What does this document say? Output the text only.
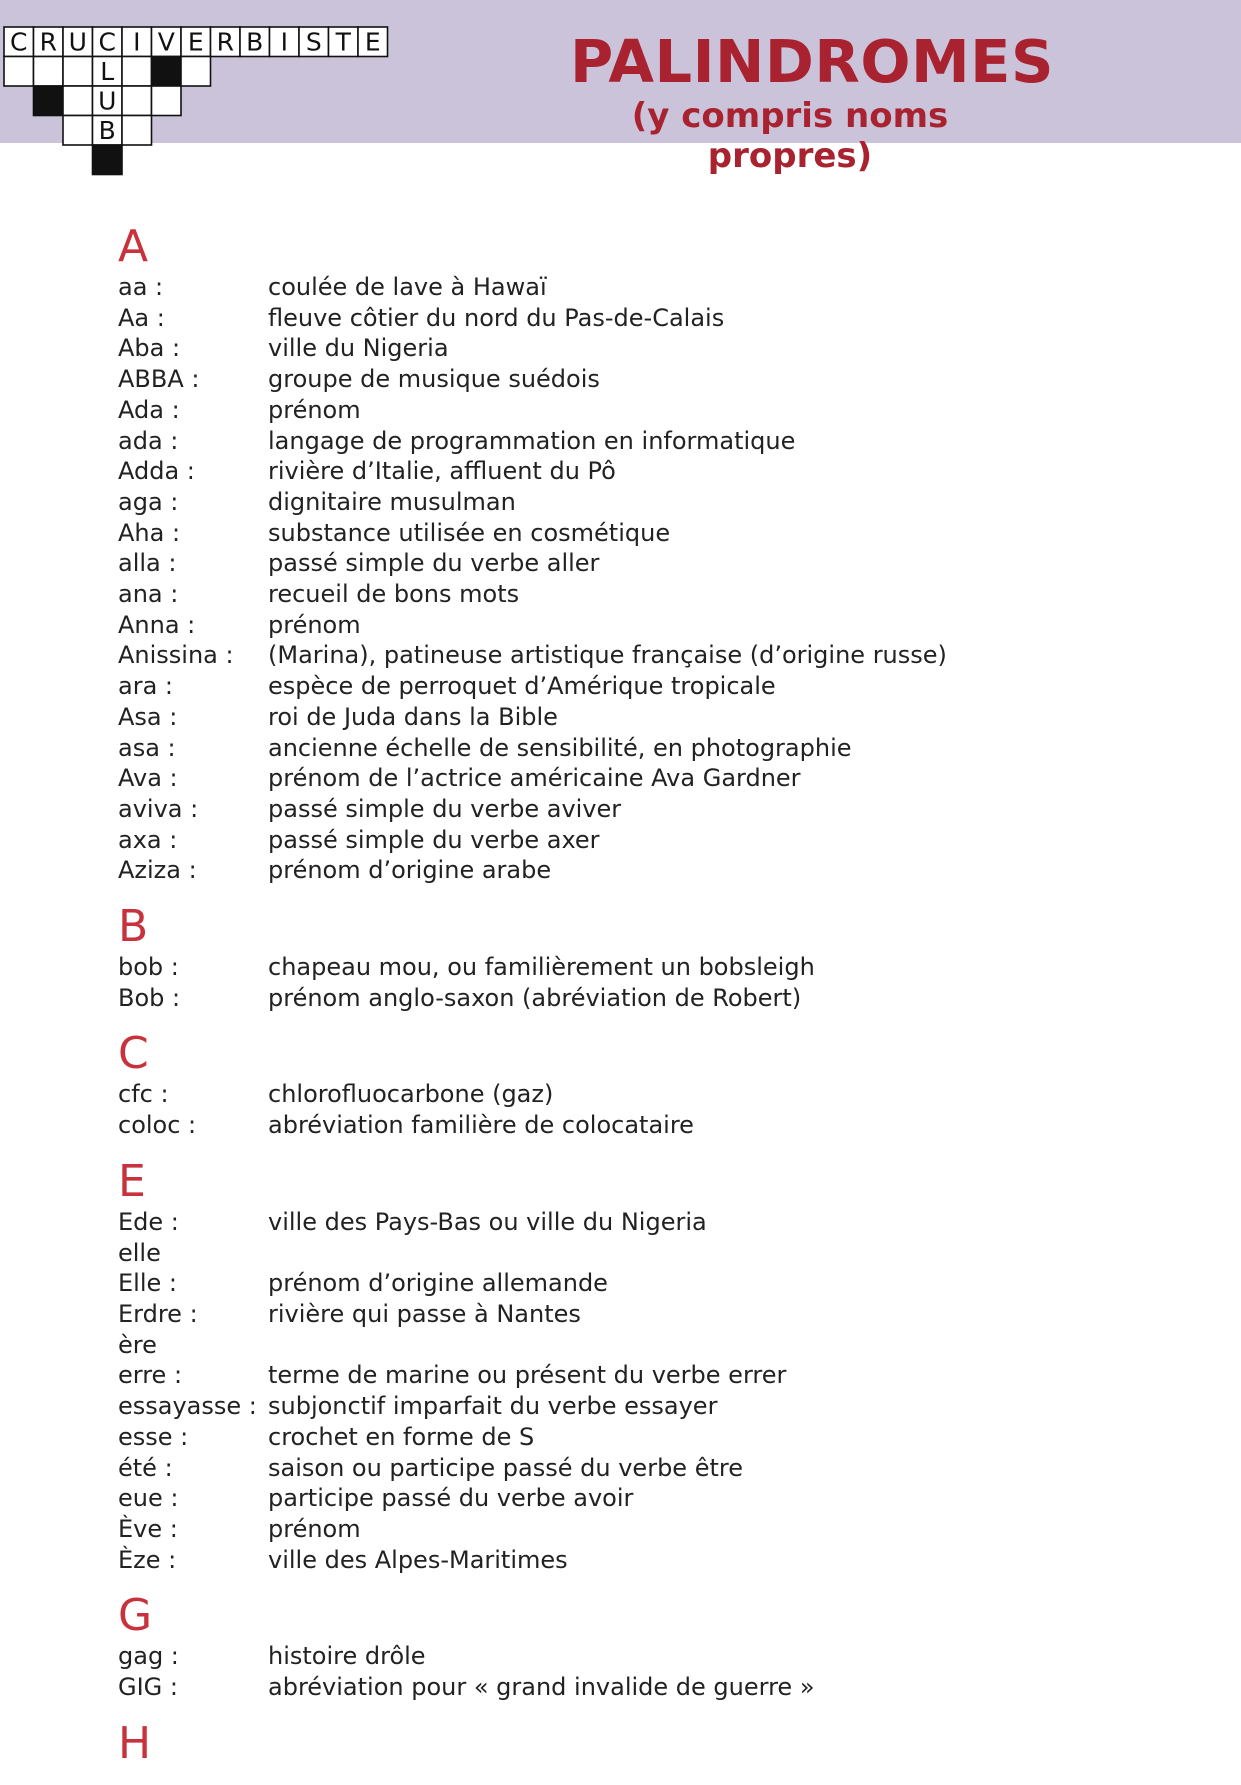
C R U C I V E R B I S T E
L
U
B
PALINDROMES
(y compris noms propres)
A
aa :	coulée de lave à Hawaï
Aa :	fleuve côtier du nord du Pas-de-Calais
Aba :	ville du Nigeria
ABBA :	groupe de musique suédois
Ada :	prénom
ada :	langage de programmation en informatique
Adda :	rivière d’Italie, affluent du Pô
aga :	dignitaire musulman
Aha :	substance utilisée en cosmétique
alla :	passé simple du verbe aller
ana :	recueil de bons mots
Anna :	prénom
Anissina :	(Marina), patineuse artistique française (d’origine russe)
ara :	espèce de perroquet d’Amérique tropicale
Asa :	roi de Juda dans la Bible
asa :	ancienne échelle de sensibilité, en photographie
Ava :	prénom de l’actrice américaine Ava Gardner
aviva :	passé simple du verbe aviver
axa :	passé simple du verbe axer
Aziza :	prénom d’origine arabe
B
bob :	chapeau mou, ou familièrement un bobsleigh
Bob :	prénom anglo-saxon (abréviation de Robert)
C
cfc :	chlorofluocarbone (gaz)
coloc :	abréviation familière de colocataire
E
Ede :	ville des Pays-Bas ou ville du Nigeria
elle
Elle :	prénom d’origine allemande
Erdre :	rivière qui passe à Nantes
ère
erre :	terme de marine ou présent du verbe errer
essayasse : subjonctif imparfait du verbe essayer
esse :	crochet en forme de S
été :	saison ou participe passé du verbe être
eue :	participe passé du verbe avoir
Ève :	prénom
Èze :	ville des Alpes-Maritimes
G
gag :	histoire drôle
GIG :	abréviation pour « grand invalide de guerre »
H
